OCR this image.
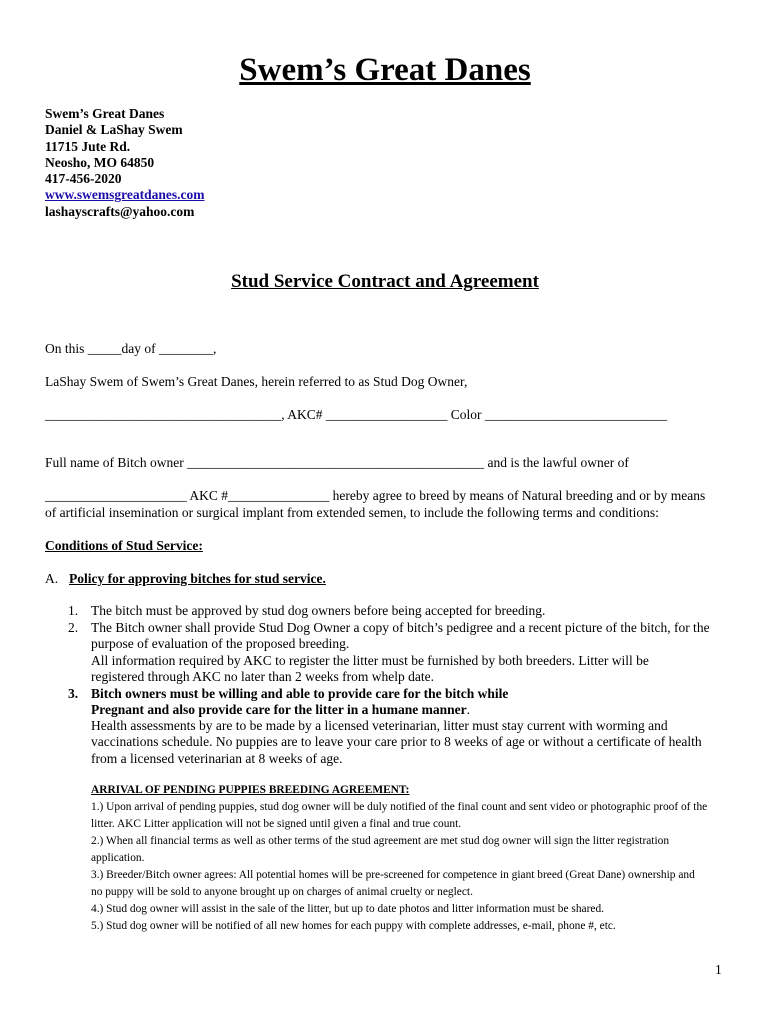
Swem’s Great Danes
Swem’s Great Danes
Daniel & LaShay Swem
11715 Jute Rd.
Neosho, MO 64850
417-456-2020
www.swemsgreatdanes.com
lashayscrafts@yahoo.com
Stud Service Contract and Agreement
On this _____day of ________,
LaShay Swem of Swem’s Great Danes, herein referred to as Stud Dog Owner,
___________________________________, AKC# __________________ Color ___________________________
Full name of Bitch owner ____________________________________________ and is the lawful owner of
_____________________ AKC #_______________ hereby agree to breed by means of Natural breeding and or by means
of artificial insemination or surgical implant from extended semen, to include the following terms and conditions:
Conditions of Stud Service:
A. Policy for approving bitches for stud service.
1. The bitch must be approved by stud dog owners before being accepted for breeding.
2. The Bitch owner shall provide Stud Dog Owner a copy of bitch’s pedigree and a recent picture of the bitch, for the purpose of evaluation of the proposed breeding.
All information required by AKC to register the litter must be furnished by both breeders. Litter will be registered through AKC no later than 2 weeks from whelp date.
3. Bitch owners must be willing and able to provide care for the bitch while Pregnant and also provide care for the litter in a humane manner.
Health assessments by are to be made by a licensed veterinarian, litter must stay current with worming and vaccinations schedule. No puppies are to leave your care prior to 8 weeks of age or without a certificate of health from a licensed veterinarian at 8 weeks of age.
ARRIVAL OF PENDING PUPPIES BREEDING AGREEMENT:
1.) Upon arrival of pending puppies, stud dog owner will be duly notified of the final count and sent video or photographic proof of the litter. AKC Litter application will not be signed until given a final and true count.
2.) When all financial terms as well as other terms of the stud agreement are met stud dog owner will sign the litter registration application.
3.) Breeder/Bitch owner agrees: All potential homes will be pre-screened for competence in giant breed (Great Dane) ownership and no puppy will be sold to anyone brought up on charges of animal cruelty or neglect.
4.) Stud dog owner will assist in the sale of the litter, but up to date photos and litter information must be shared.
5.) Stud dog owner will be notified of all new homes for each puppy with complete addresses, e-mail, phone #, etc.
1
